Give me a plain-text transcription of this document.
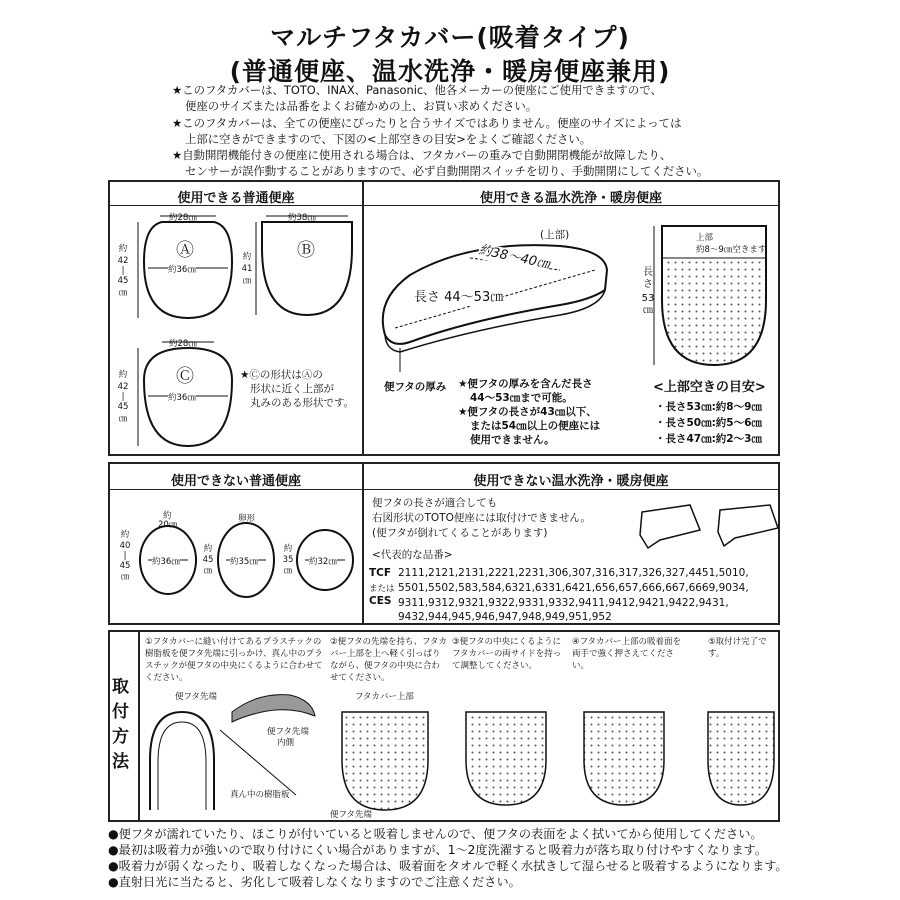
マルチフタカバー(吸着タイプ)
(普通便座、温水洗浄・暖房便座兼用)
★このフタカバーは、TOTO、INAX、Panasonic、他各メーカーの便座にご使用できますので、
便座のサイズまたは品番をよくお確かめの上、お買い求めください。
★このフタカバーは、全ての便座にぴったりと合うサイズではありません。便座のサイズによっては
上部に空きができますので、下図の<上部空きの目安>をよくご確認ください。
★自動開閉機能付きの便座に使用される場合は、フタカバーの重みで自動開閉機能が故障したり、
センサーが誤作動することがありますので、必ず自動開閉スイッチを切り、手動開閉にしてください。
使用できる普通便座	使用できる温水洗浄・暖房便座
約28㎝
Ⓐ
約36㎝
約
42
|
45
㎝
約38㎝
Ⓑ
約
41
㎝
約28㎝
Ⓒ
約36㎝
約
42
|
45
㎝
★Ⓒの形状はⒶの
形状に近く上部が
丸みのある形状です。
(上部)
約38〜40㎝
長さ 44〜53㎝
便フタの厚み ★便フタの厚みを含んだ長さ
44〜53㎝まで可能。
★便フタの長さが43㎝以下、
または54㎝以上の便座には
使用できません。
上部
約8〜9㎝空きます
長
さ
53
㎝
<上部空きの目安>
・長さ53㎝:約8〜9㎝
・長さ50㎝:約5〜6㎝
・長さ47㎝:約2〜3㎝
使用できない普通便座	使用できない温水洗浄・暖房便座
約
20㎝
約
40
|
45
㎝
約36㎝
卵形
約
45
㎝
約35㎝
約
35
㎝
約32㎝
便フタの長さが適合しても
右図形状のTOTO便座には取付けできません。
(便フタが倒れてくることがあります)
<代表的な品番>
TCF
または
CES
2111,2121,2131,2221,2231,306,307,316,317,326,327,4451,5010,
5501,5502,583,584,6321,6331,6421,656,657,666,667,6669,9034,
9311,9312,9321,9322,9331,9332,9411,9412,9421,9422,9431,
9432,944,945,946,947,948,949,951,952
取
付
方
法
①フタカバーに縫い付けてあるプラスチックの樹脂板を便フタ先端に引っかけ、真ん中のプラスチックが便フタの中央にくるように合わせてください。
②便フタの先端を持ち、フタカバー上部を上へ軽く引っぱりながら、便フタの中央に合わせてください。
③便フタの中央にくるようにフタカバーの両サイドを持って調整してください。
④フタカバー上部の吸着面を両手で強く押さえてください。
⑤取付け完了です。
便フタ先端
便フタ先端
内側
真ん中の樹脂板
フタカバー上部
便フタ先端
●便フタが濡れていたり、ほこりが付いていると吸着しませんので、便フタの表面をよく拭いてから使用してください。
●最初は吸着力が強いので取り付けにくい場合がありますが、1〜2度洗濯すると吸着力が落ち取り付けやすくなります。
●吸着力が弱くなったり、吸着しなくなった場合は、吸着面をタオルで軽く水拭きして湿らせると吸着するようになります。
●直射日光に当たると、劣化して吸着しなくなりますのでご注意ください。
